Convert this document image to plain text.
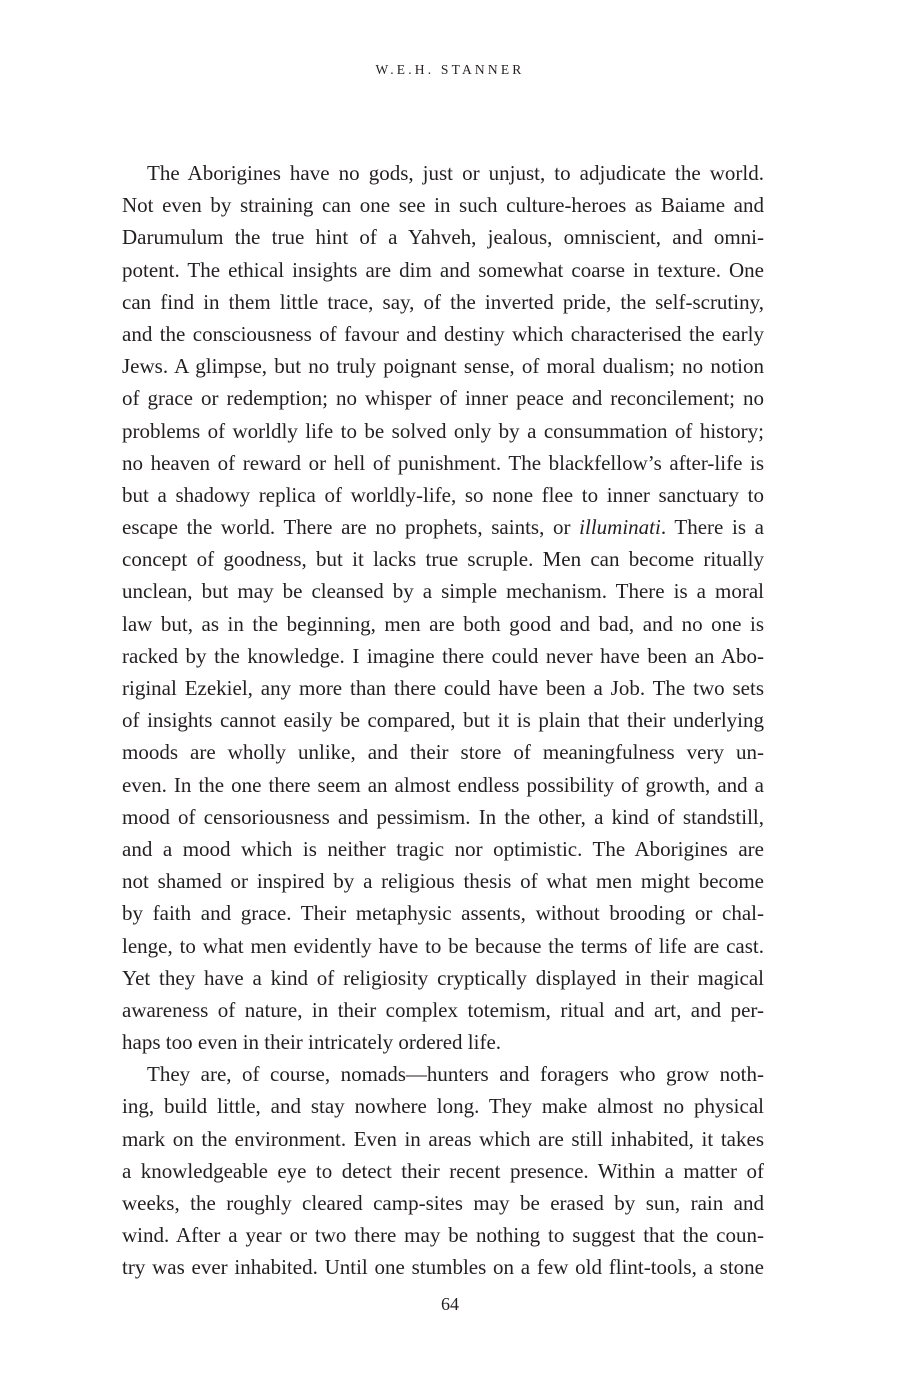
W.E.H. STANNER
The Aborigines have no gods, just or unjust, to adjudicate the world.
Not even by straining can one see in such culture-heroes as Baiame and
Darumulum the true hint of a Yahveh, jealous, omniscient, and omni-
potent. The ethical insights are dim and somewhat coarse in texture. One
can find in them little trace, say, of the inverted pride, the self-scrutiny,
and the consciousness of favour and destiny which characterised the early
Jews. A glimpse, but no truly poignant sense, of moral dualism; no notion
of grace or redemption; no whisper of inner peace and reconcilement; no
problems of worldly life to be solved only by a consummation of history;
no heaven of reward or hell of punishment. The blackfellow’s after-life is
but a shadowy replica of worldly-life, so none flee to inner sanctuary to
escape the world. There are no prophets, saints, or illuminati. There is a
concept of goodness, but it lacks true scruple. Men can become ritually
unclean, but may be cleansed by a simple mechanism. There is a moral
law but, as in the beginning, men are both good and bad, and no one is
racked by the knowledge. I imagine there could never have been an Abo-
riginal Ezekiel, any more than there could have been a Job. The two sets
of insights cannot easily be compared, but it is plain that their underlying
moods are wholly unlike, and their store of meaningfulness very un-
even. In the one there seem an almost endless possibility of growth, and a
mood of censoriousness and pessimism. In the other, a kind of standstill,
and a mood which is neither tragic nor optimistic. The Aborigines are
not shamed or inspired by a religious thesis of what men might become
by faith and grace. Their metaphysic assents, without brooding or chal-
lenge, to what men evidently have to be because the terms of life are cast.
Yet they have a kind of religiosity cryptically displayed in their magical
awareness of nature, in their complex totemism, ritual and art, and per-
haps too even in their intricately ordered life.
They are, of course, nomads—hunters and foragers who grow noth-
ing, build little, and stay nowhere long. They make almost no physical
mark on the environment. Even in areas which are still inhabited, it takes
a knowledgeable eye to detect their recent presence. Within a matter of
weeks, the roughly cleared camp-sites may be erased by sun, rain and
wind. After a year or two there may be nothing to suggest that the coun-
try was ever inhabited. Until one stumbles on a few old flint-tools, a stone
64
